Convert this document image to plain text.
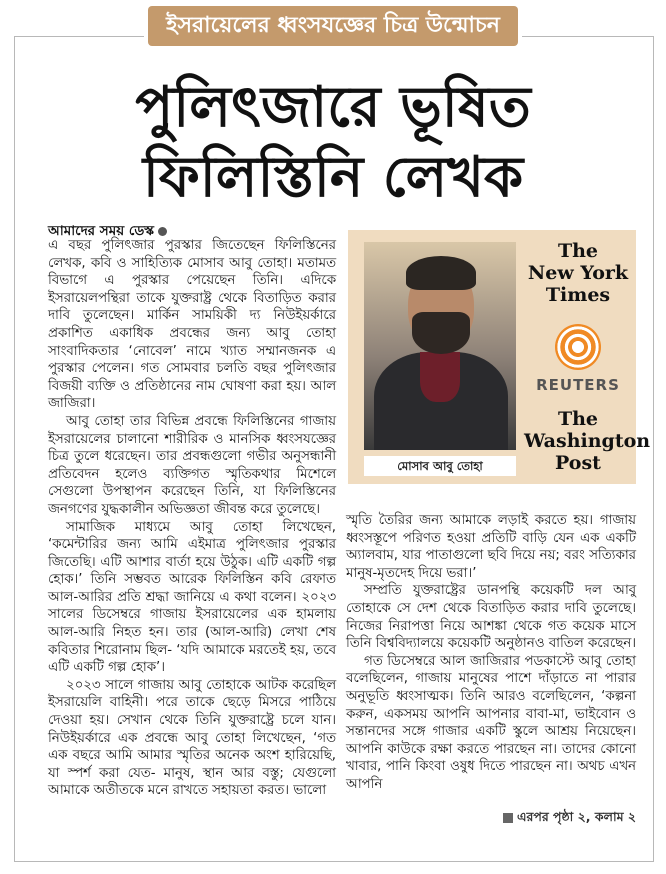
ইসরায়েলের ধ্বংসযজ্ঞের চিত্র উন্মোচন
পুলিৎজারে ভূষিত
ফিলিস্তিনি লেখক
আমাদের সময় ডেস্ক

এ বছর পুলিৎজার পুরস্কার জিতেছেন ফিলিস্তিনের লেখক, কবি ও সাহিত্যিক মোসাব আবু তোহা। মতামত বিভাগে এ পুরস্কার পেয়েছেন তিনি। এদিকে ইসরায়েলপন্থিরা তাকে যুক্তরাষ্ট্র থেকে বিতাড়িত করার দাবি তুলেছেন। মার্কিন সাময়িকী দ্য নিউইয়র্কারে প্রকাশিত একাধিক প্রবন্ধের জন্য আবু তোহা সাংবাদিকতার ‘নোবেল’ নামে খ্যাত সম্মানজনক এ পুরস্কার পেলেন। গত সোমবার চলতি বছর পুলিৎজার বিজয়ী ব্যক্তি ও প্রতিষ্ঠানের নাম ঘোষণা করা হয়। আল জাজিরা।

আবু তোহা তার বিভিন্ন প্রবন্ধে ফিলিস্তিনের গাজায় ইসরায়েলের চালানো শারীরিক ও মানসিক ধ্বংসযজ্ঞের চিত্র তুলে ধরেছেন। তার প্রবন্ধগুলো গভীর অনুসন্ধানী প্রতিবেদন হলেও ব্যক্তিগত স্মৃতিকথার মিশেলে সেগুলো উপস্থাপন করেছেন তিনি, যা ফিলিস্তিনের জনগণের যুদ্ধকালীন অভিজ্ঞতা জীবন্ত করে তুলেছে।

সামাজিক মাধ্যমে আবু তোহা লিখেছেন, ‘কমেন্টারির জন্য আমি এইমাত্র পুলিৎজার পুরস্কার জিতেছি। এটি আশার বার্তা হয়ে উঠুক। এটি একটি গল্প হোক।’ তিনি সম্ভবত আরেক ফিলিস্তিন কবি রেফাত আল-আরির প্রতি শ্রদ্ধা জানিয়ে এ কথা বলেন। ২০২৩ সালের ডিসেম্বরে গাজায় ইসরায়েলের এক হামলায় আল-আরি নিহত হন। তার (আল-আরি) লেখা শেষ কবিতার শিরোনাম ছিল- ‘যদি আমাকে মরতেই হয়, তবে এটি একটি গল্প হোক’।

২০২৩ সালে গাজায় আবু তোহাকে আটক করেছিল ইসরায়েলি বাহিনী। পরে তাকে ছেড়ে মিসরে পাঠিয়ে দেওয়া হয়। সেখান থেকে তিনি যুক্তরাষ্ট্রে চলে যান। নিউইয়র্কারে এক প্রবন্ধে আবু তোহা লিখেছেন, ‘গত এক বছরে আমি আমার স্মৃতির অনেক অংশ হারিয়েছি, যা স্পর্শ করা যেত- মানুষ, স্থান আর বস্তু; যেগুলো আমাকে অতীতকে মনে রাখতে সহায়তা করত। ভালো

মোসাব আবু তোহা
The
New York
Times
REUTERS
The
Washington
Post

স্মৃতি তৈরির জন্য আমাকে লড়াই করতে হয়। গাজায় ধ্বংসস্তূপে পরিণত হওয়া প্রতিটি বাড়ি যেন এক একটি অ্যালবাম, যার পাতাগুলো ছবি দিয়ে নয়; বরং সত্যিকার মানুষ-মৃতদেহ দিয়ে ভরা।’

সম্প্রতি যুক্তরাষ্ট্রের ডানপন্থি কয়েকটি দল আবু তোহাকে সে দেশ থেকে বিতাড়িত করার দাবি তুলেছে। নিজের নিরাপত্তা নিয়ে আশঙ্কা থেকে গত কয়েক মাসে তিনি বিশ্ববিদ্যালয়ে কয়েকটি অনুষ্ঠানও বাতিল করেছেন।

গত ডিসেম্বরে আল জাজিরার পডকাস্টে আবু তোহা বলেছিলেন, গাজায় মানুষের পাশে দাঁড়াতে না পারার অনুভূতি ধ্বংসাত্মক। তিনি আরও বলেছিলেন, ‘কল্পনা করুন, একসময় আপনি আপনার বাবা-মা, ভাইবোন ও সন্তানদের সঙ্গে গাজার একটি স্কুলে আশ্রয় নিয়েছেন। আপনি কাউকে রক্ষা করতে পারছেন না। তাদের কোনো খাবার, পানি কিংবা ওষুধ দিতে পারছেন না। অথচ এখন আপনি

এরপর পৃষ্ঠা ২, কলাম ২
